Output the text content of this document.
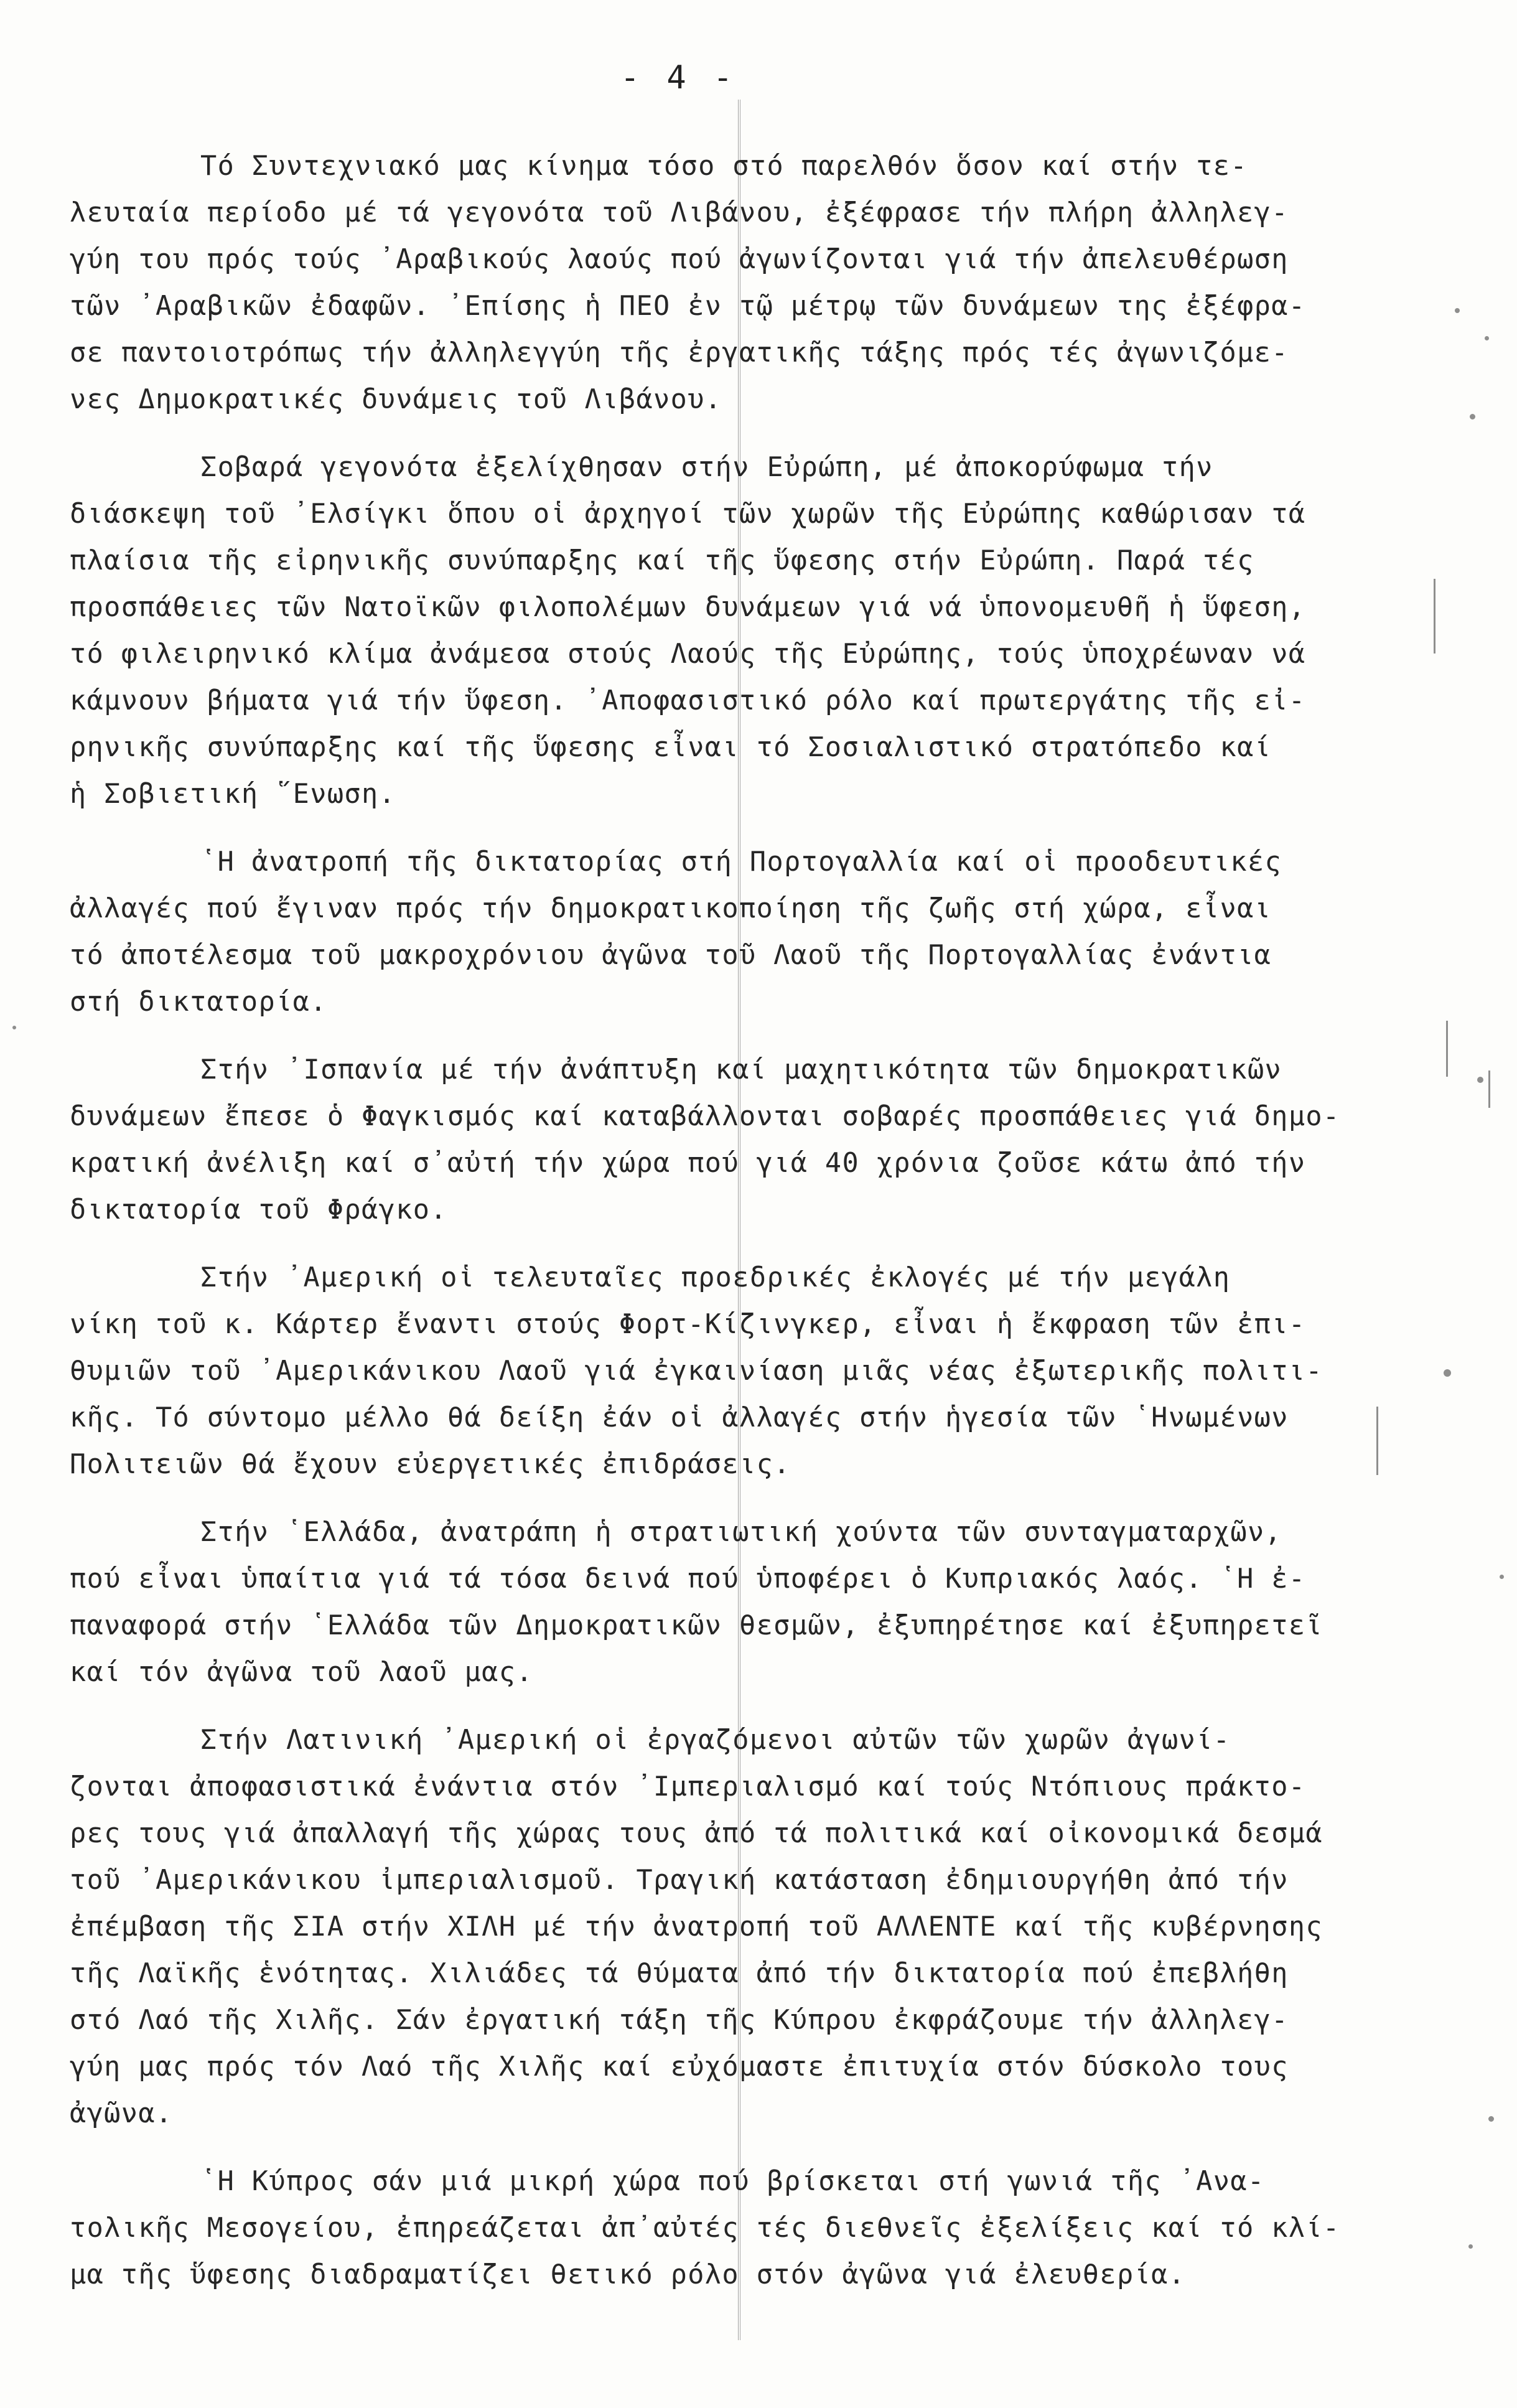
- 4 -
Τό Συντεχνιακό μας κίνημα τόσο στό παρελθόν ὅσον καί στήν τε-
λευταία περίοδο μέ τά γεγονότα τοῦ Λιβάνου, ἐξέφρασε τήν πλήρη ἀλληλεγ-
γύη του πρός τούς ᾿Αραβικούς λαούς πού ἀγωνίζονται γιά τήν ἀπελευθέρωση
τῶν ᾿Αραβικῶν ἐδαφῶν. ᾿Επίσης ἡ ΠΕΟ ἐν τῷ μέτρῳ τῶν δυνάμεων της ἐξέφρα-
σε παντοιοτρόπως τήν ἀλληλεγγύη τῆς ἐργατικῆς τάξης πρός τές ἀγωνιζόμε-
νες Δημοκρατικές δυνάμεις τοῦ Λιβάνου.
Σοβαρά γεγονότα ἐξελίχθησαν στήν Εὐρώπη, μέ ἀποκορύφωμα τήν
διάσκεψη τοῦ ᾿Ελσίγκι ὅπου οἱ ἀρχηγοί τῶν χωρῶν τῆς Εὐρώπης καθώρισαν τά
πλαίσια τῆς εἰρηνικῆς συνύπαρξης καί τῆς ὕφεσης στήν Εὐρώπη. Παρά τές
προσπάθειες τῶν Νατοϊκῶν φιλοπολέμων δυνάμεων γιά νά ὑπονομευθῆ ἡ ὕφεση,
τό φιλειρηνικό κλίμα ἀνάμεσα στούς Λαούς τῆς Εὐρώπης, τούς ὑποχρέωναν νά
κάμνουν βήματα γιά τήν ὕφεση. ᾿Αποφασιστικό ρόλο καί πρωτεργάτης τῆς εἰ-
ρηνικῆς συνύπαρξης καί τῆς ὕφεσης εἶναι τό Σοσιαλιστικό στρατόπεδο καί
ἡ Σοβιετική ῞Ενωση.
῾Η ἀνατροπή τῆς δικτατορίας στή Πορτογαλλία καί οἱ προοδευτικές
ἀλλαγές πού ἔγιναν πρός τήν δημοκρατικοποίηση τῆς ζωῆς στή χώρα, εἶναι
τό ἀποτέλεσμα τοῦ μακροχρόνιου ἀγῶνα τοῦ Λαοῦ τῆς Πορτογαλλίας ἐνάντια
στή δικτατορία.
Στήν ᾿Ισπανία μέ τήν ἀνάπτυξη καί μαχητικότητα τῶν δημοκρατικῶν
δυνάμεων ἔπεσε ὁ Φαγκισμός καί καταβάλλονται σοβαρές προσπάθειες γιά δημο-
κρατική ἀνέλιξη καί σ᾿αὐτή τήν χώρα πού γιά 40 χρόνια ζοῦσε κάτω ἀπό τήν
δικτατορία τοῦ Φράγκο.
Στήν ᾿Αμερική οἱ τελευταῖες προεδρικές ἐκλογές μέ τήν μεγάλη
νίκη τοῦ κ. Κάρτερ ἔναντι στούς Φορτ-Κίζινγκερ, εἶναι ἡ ἔκφραση τῶν ἐπι-
θυμιῶν τοῦ ᾿Αμερικάνικου Λαοῦ γιά ἐγκαινίαση μιᾶς νέας ἐξωτερικῆς πολιτι-
κῆς. Τό σύντομο μέλλο θά δείξη ἐάν οἱ ἀλλαγές στήν ἡγεσία τῶν ῾Ηνωμένων
Πολιτειῶν θά ἔχουν εὐεργετικές ἐπιδράσεις.
Στήν ῾Ελλάδα, ἀνατράπη ἡ στρατιωτική χούντα τῶν συνταγματαρχῶν,
πού εἶναι ὑπαίτια γιά τά τόσα δεινά πού ὑποφέρει ὁ Κυπριακός λαός. ῾Η ἐ-
παναφορά στήν ῾Ελλάδα τῶν Δημοκρατικῶν θεσμῶν, ἐξυπηρέτησε καί ἐξυπηρετεῖ
καί τόν ἀγῶνα τοῦ λαοῦ μας.
Στήν Λατινική ᾿Αμερική οἱ ἐργαζόμενοι αὐτῶν τῶν χωρῶν ἀγωνί-
ζονται ἀποφασιστικά ἐνάντια στόν ᾿Ιμπεριαλισμό καί τούς Ντόπιους πράκτο-
ρες τους γιά ἀπαλλαγή τῆς χώρας τους ἀπό τά πολιτικά καί οἰκονομικά δεσμά
τοῦ ᾿Αμερικάνικου ἰμπεριαλισμοῦ. Τραγική κατάσταση ἐδημιουργήθη ἀπό τήν
ἐπέμβαση τῆς ΣΙΑ στήν ΧΙΛΗ μέ τήν ἀνατροπή τοῦ ΑΛΛΕΝΤΕ καί τῆς κυβέρνησης
τῆς Λαϊκῆς ἑνότητας. Χιλιάδες τά θύματα ἀπό τήν δικτατορία πού ἐπεβλήθη
στό Λαό τῆς Χιλῆς. Σάν ἐργατική τάξη τῆς Κύπρου ἐκφράζουμε τήν ἀλληλεγ-
γύη μας πρός τόν Λαό τῆς Χιλῆς καί εὐχόμαστε ἐπιτυχία στόν δύσκολο τους
ἀγῶνα.
῾Η Κύπρος σάν μιά μικρή χώρα πού βρίσκεται στή γωνιά τῆς ᾿Ανα-
τολικῆς Μεσογείου, ἐπηρεάζεται ἀπ᾿αὐτές τές διεθνεῖς ἐξελίξεις καί τό κλί-
μα τῆς ὕφεσης διαδραματίζει θετικό ρόλο στόν ἀγῶνα γιά ἐλευθερία.
